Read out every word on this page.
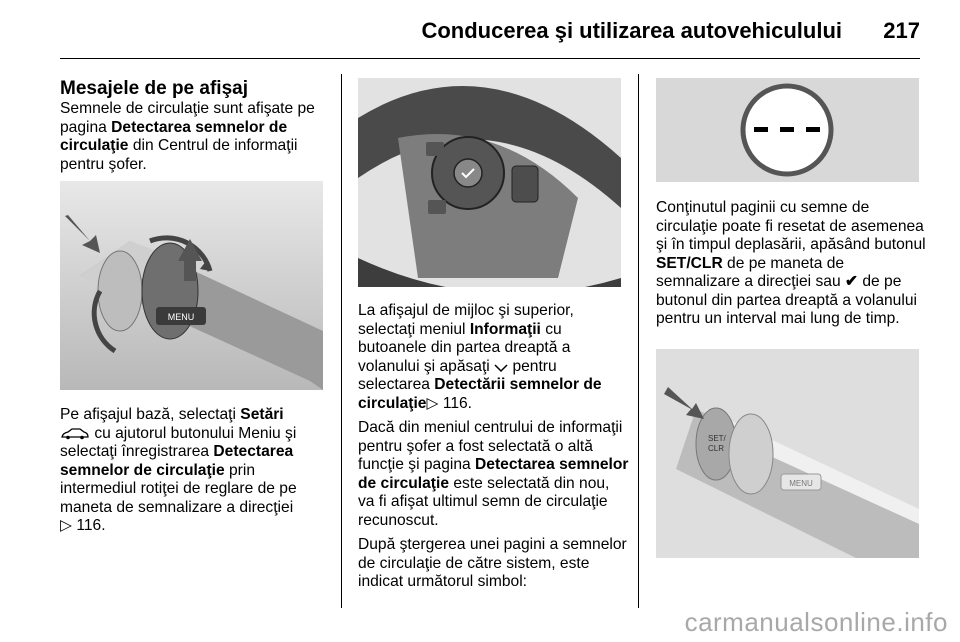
Conducerea şi utilizarea autovehiculului 217
Mesajele de pe afişaj

Semnele de circulaţie sunt afişate pe pagina Detectarea semnelor de circulaţie din Centrul de informaţii pentru şofer.

MENU

Pe afişajul bază, selectaţi Setări
cu ajutorul butonului Meniu şi selectaţi înregistrarea Detectarea semnelor de circulaţie prin intermediul rotiţei de reglare de pe maneta de semnalizare a direcţiei
▷ 116.

La afişajul de mijloc şi superior, selectaţi meniul Informaţii cu butoanele din partea dreaptă a volanului şi apăsaţi  pentru selectarea Detectării semnelor de circulaţie▷ 116.

Dacă din meniul centrului de informaţii pentru şofer a fost selectată o altă funcţie şi pagina Detectarea semnelor de circulaţie este selectată din nou, va fi afişat ultimul semn de circulaţie recunoscut.

După ştergerea unei pagini a semnelor de circulaţie de către sistem, este indicat următorul simbol:

Conţinutul paginii cu semne de circulaţie poate fi resetat de asemenea şi în timpul deplasării, apăsând butonul SET/CLR de pe maneta de semnalizare a direcţiei sau ✔ de pe butonul din partea dreaptă a volanului pentru un interval mai lung de timp.

SET/
CLR
MENU
carmanualsonline.info
